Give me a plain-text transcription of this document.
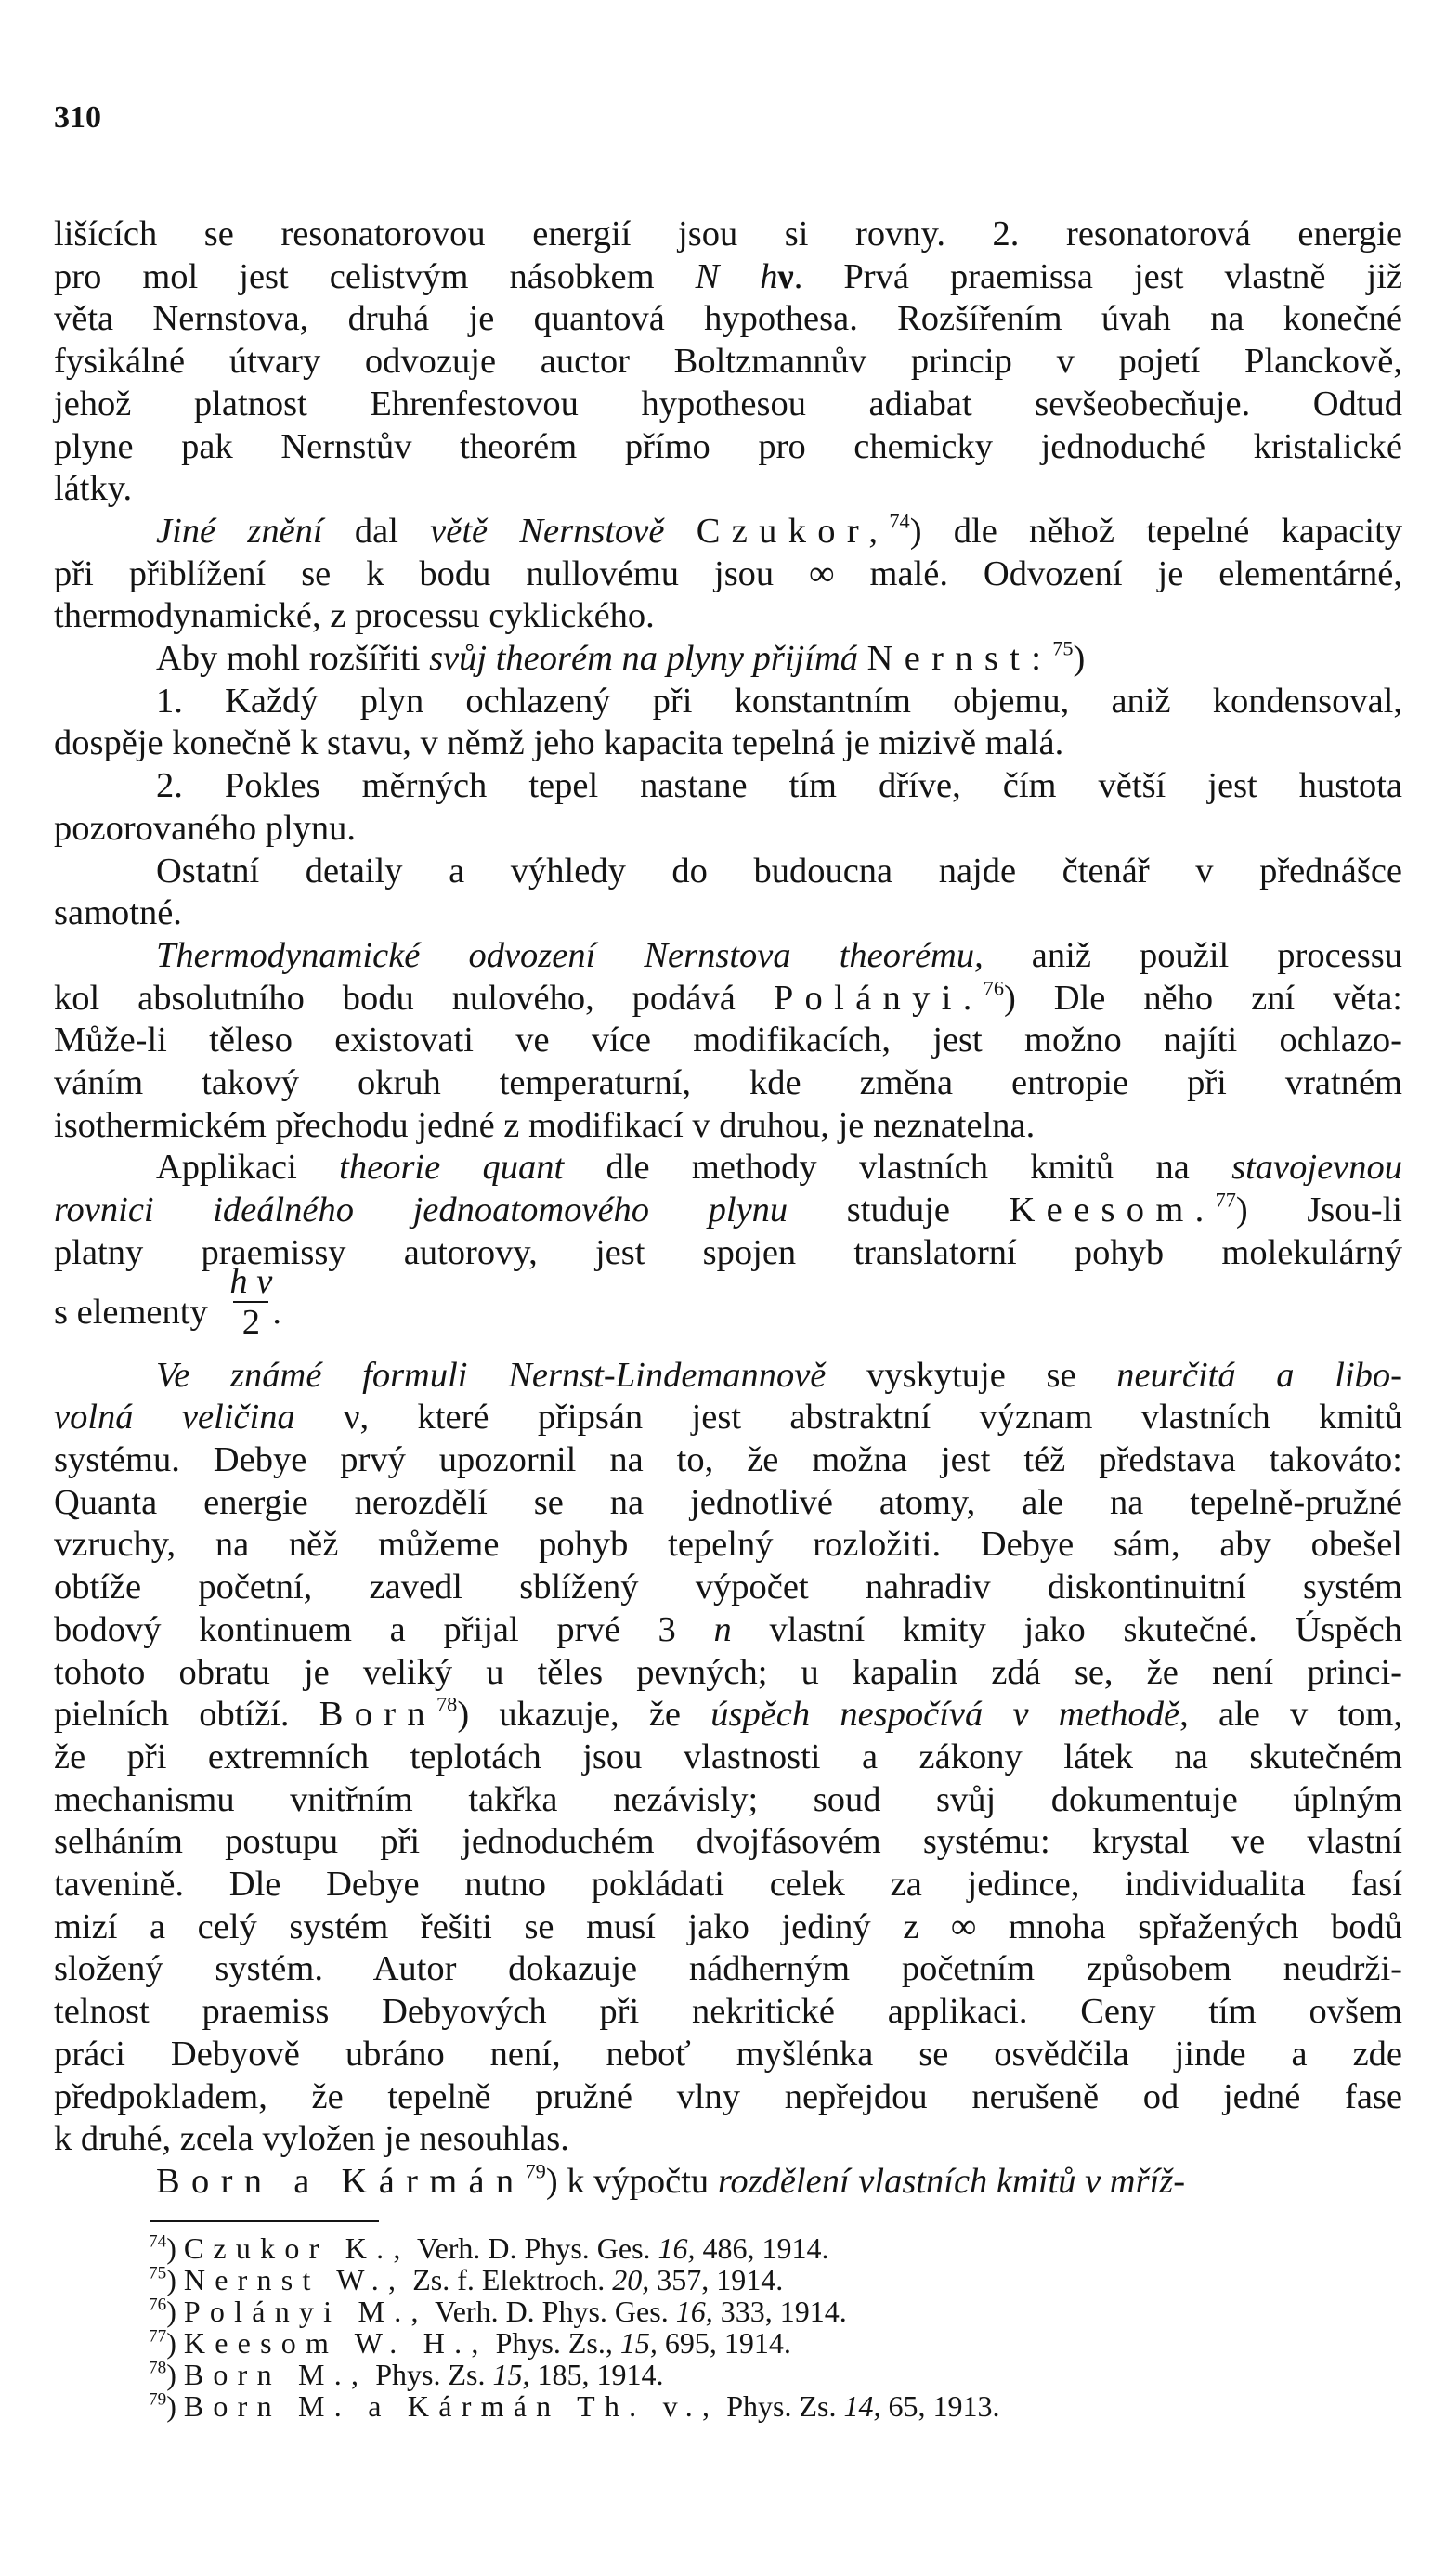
310

lišících se resonatorovou energií jsou si rovny. 2. resonatorová energie
pro mol jest celistvým násobkem N hν. Prvá praemissa jest vlastně již
věta Nernstova, druhá je quantová hypothesa. Rozšířením úvah na konečné
fysikálné útvary odvozuje auctor Boltzmannův princip v pojetí Planckově,
jehož platnost Ehrenfestovou hypothesou adiabat sevšeobecňuje. Odtud
plyne pak Nernstův theorém přímo pro chemicky jednoduché kristalické
látky.

Jiné znění dal větě Nernstově Czukor,$^{74}$) dle něhož tepelné kapacity
při přiblížení se k bodu nullovému jsou ∞ malé. Odvození je elementárné,
thermodynamické, z processu cyklického.

Aby mohl rozšířiti svůj theorém na plyny přijímá Nernst:$^{75}$)

1. Každý plyn ochlazený při konstantním objemu, aniž kondensoval,
dospěje konečně k stavu, v němž jeho kapacita tepelná je mizivě malá.

2. Pokles měrných tepel nastane tím dříve, čím větší jest hustota
pozorovaného plynu.

Ostatní detaily a výhledy do budoucna najde čtenář v přednášce
samotné.

Thermodynamické odvození Nernstova theorému, aniž použil processu
kol absolutního bodu nulového, podává Polányi.$^{76}$) Dle něho zní věta:
Může-li těleso existovati ve více modifikacích, jest možno najíti ochlazo-
váním takový okruh temperaturní, kde změna entropie při vratném
isothermickém přechodu jedné z modifikací v druhou, je neznatelna.

Applikaci theorie quant dle methody vlastních kmitů na stavojevnou
rovnici ideálného jednoatomového plynu studuje Keesom.$^{77}$) Jsou-li
platny praemissy autorovy, jest spojen translatorní pohyb molekulárný
s elementy $\frac{\text{h ν}}{2}$ .

Ve známé formuli Nernst-Lindemannově vyskytuje se neurčitá a libo-
volná veličina ν, které připsán jest abstraktní význam vlastních kmitů
systému. Debye prvý upozornil na to, že možna jest též představa takováto:
Quanta energie nerozdělí se na jednotlivé atomy, ale na tepelně-pružné
vzruchy, na něž můžeme pohyb tepelný rozložiti. Debye sám, aby obešel
obtíže početní, zavedl sblížený výpočet nahradiv diskontinuitní systém
bodový kontinuem a přijal prvé 3 n vlastní kmity jako skutečné. Úspěch
tohoto obratu je veliký u těles pevných; u kapalin zdá se, že není princi-
pielních obtíží. Born$^{78}$) ukazuje, že úspěch nespočívá v methodě, ale v tom,
že při extremních teplotách jsou vlastnosti a zákony látek na skutečném
mechanismu vnitřním takřka nezávisly; soud svůj dokumentuje úplným
selháním postupu při jednoduchém dvojfásovém systému: krystal ve vlastní
tavenině. Dle Debye nutno pokládati celek za jedince, individualita fasí
mizí a celý systém řešiti se musí jako jediný z ∞ mnoha spřažených bodů
složený systém. Autor dokazuje nádherným početním způsobem neudrži-
telnost praemiss Debyových při nekritické applikaci. Ceny tím ovšem
práci Debyově ubráno není, neboť myšlénka se osvědčila jinde a zde
předpokladem, že tepelně pružné vlny nepřejdou nerušeně od jedné fase
k druhé, zcela vyložen je nesouhlas.

Born a Kármán$^{79}$) k výpočtu rozdělení vlastních kmitů v mříž-

$^{74}$) Czukor K., Verh. D. Phys. Ges. 16, 486, 1914.
$^{75}$) Nernst W., Zs. f. Elektroch. 20, 357, 1914.
$^{76}$) Polányi M., Verh. D. Phys. Ges. 16, 333, 1914.
$^{77}$) Keesom W. H., Phys. Zs., 15, 695, 1914.
$^{78}$) Born M., Phys. Zs. 15, 185, 1914.
$^{79}$) Born M. a Kármán Th. v., Phys. Zs. 14, 65, 1913.
